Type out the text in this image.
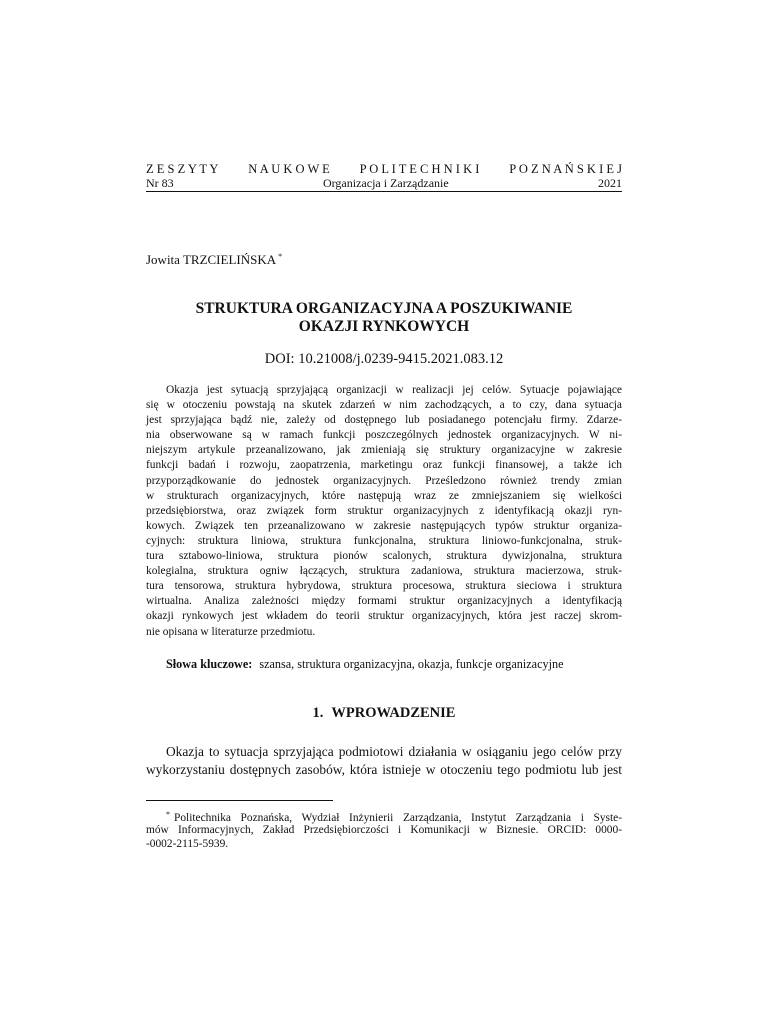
Z E S Z Y T Y N A U K O W E P O L I T E C H N I K I P O Z N A Ń S K I E J
Nr 83	Organizacja i Zarządzanie	2021
Jowita TRZCIELIŃSKA *
STRUKTURA ORGANIZACYJNA A POSZUKIWANIE
OKAZJI RYNKOWYCH
DOI: 10.21008/j.0239-9415.2021.083.12
Okazja jest sytuacją sprzyjającą organizacji w realizacji jej celów. Sytuacje pojawiające
się w otoczeniu powstają na skutek zdarzeń w nim zachodzących, a to czy, dana sytuacja
jest sprzyjająca bądź nie, zależy od dostępnego lub posiadanego potencjału firmy. Zdarze-
nia obserwowane są w ramach funkcji poszczególnych jednostek organizacyjnych. W ni-
niejszym artykule przeanalizowano, jak zmieniają się struktury organizacyjne w zakresie
funkcji badań i rozwoju, zaopatrzenia, marketingu oraz funkcji finansowej, a także ich
przyporządkowanie do jednostek organizacyjnych. Prześledzono również trendy zmian
w strukturach organizacyjnych, które następują wraz ze zmniejszaniem się wielkości
przedsiębiorstwa, oraz związek form struktur organizacyjnych z identyfikacją okazji ryn-
kowych. Związek ten przeanalizowano w zakresie następujących typów struktur organiza-
cyjnych: struktura liniowa, struktura funkcjonalna, struktura liniowo-funkcjonalna, struk-
tura sztabowo-liniowa, struktura pionów scalonych, struktura dywizjonalna, struktura
kolegialna, struktura ogniw łączących, struktura zadaniowa, struktura macierzowa, struk-
tura tensorowa, struktura hybrydowa, struktura procesowa, struktura sieciowa i struktura
wirtualna. Analiza zależności między formami struktur organizacyjnych a identyfikacją
okazji rynkowych jest wkładem do teorii struktur organizacyjnych, która jest raczej skrom-
nie opisana w literaturze przedmiotu.
Słowa kluczowe: szansa, struktura organizacyjna, okazja, funkcje organizacyjne
1. WPROWADZENIE
Okazja to sytuacja sprzyjająca podmiotowi działania w osiąganiu jego celów przy
wykorzystaniu dostępnych zasobów, która istnieje w otoczeniu tego podmiotu lub jest
* Politechnika Poznańska, Wydział Inżynierii Zarządzania, Instytut Zarządzania i Syste-
mów Informacyjnych, Zakład Przedsiębiorczości i Komunikacji w Biznesie. ORCID: 0000-
-0002-2115-5939.
